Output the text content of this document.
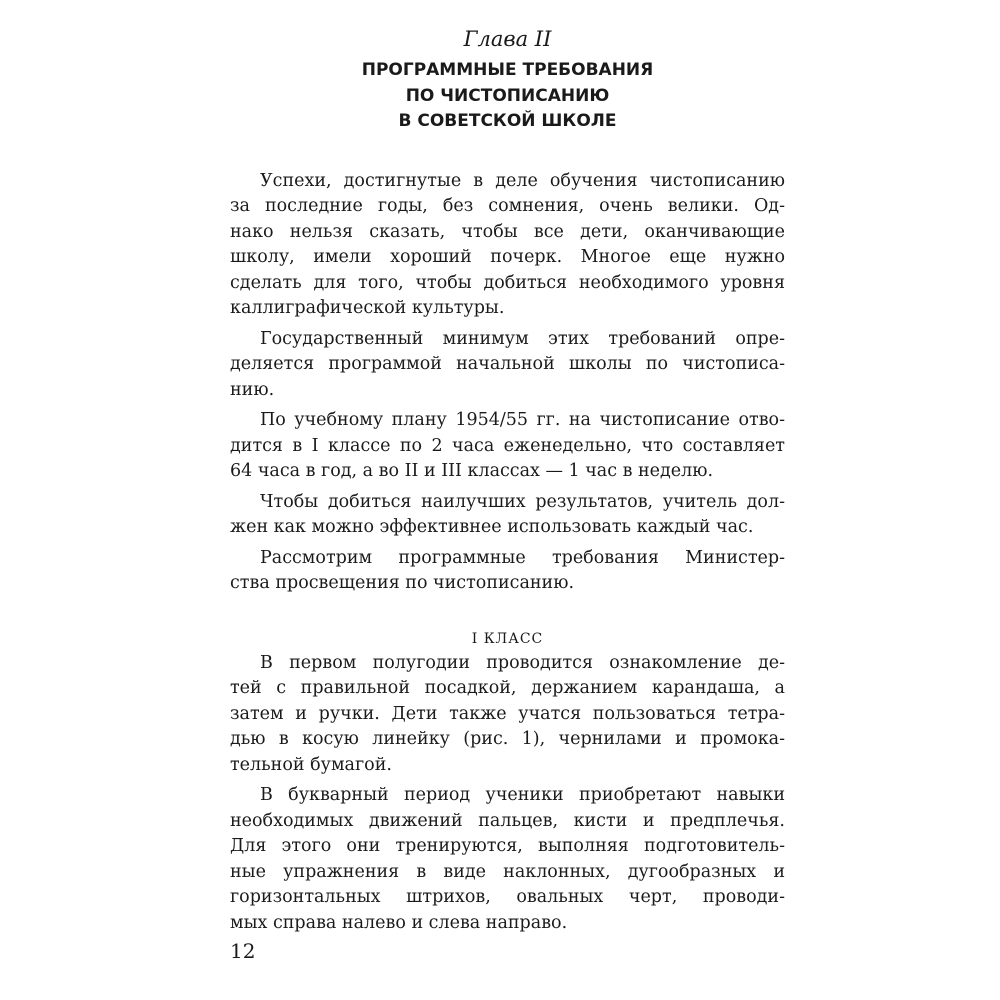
Глава II
ПРОГРАММНЫЕ ТРЕБОВАНИЯ
ПО ЧИСТОПИСАНИЮ
В СОВЕТСКОЙ ШКОЛЕ
Успехи, достигнутые в деле обучения чистописанию
за последние годы, без сомнения, очень велики. Од-
нако нельзя сказать, чтобы все дети, оканчивающие
школу, имели хороший почерк. Многое еще нужно
сделать для того, чтобы добиться необходимого уровня
каллиграфической культуры.
Государственный минимум этих требований опре-
деляется программой начальной школы по чистописа-
нию.
По учебному плану 1954/55 гг. на чистописание отво-
дится в I классе по 2 часа еженедельно, что составляет
64 часа в год, а во II и III классах — 1 час в неделю.
Чтобы добиться наилучших результатов, учитель дол-
жен как можно эффективнее использовать каждый час.
Рассмотрим программные требования Министер-
ства просвещения по чистописанию.
I КЛАСС
В первом полугодии проводится ознакомление де-
тей с правильной посадкой, держанием карандаша, а
затем и ручки. Дети также учатся пользоваться тетра-
дью в косую линейку (рис. 1), чернилами и промока-
тельной бумагой.
В букварный период ученики приобретают навыки
необходимых движений пальцев, кисти и предплечья.
Для этого они тренируются, выполняя подготовитель-
ные упражнения в виде наклонных, дугообразных и
горизонтальных штрихов, овальных черт, проводи-
мых справа налево и слева направо.
12
